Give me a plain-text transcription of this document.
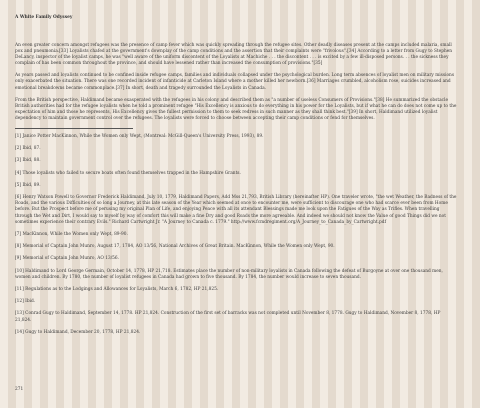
A White Family Odyssey

An even greater concern amongst refugees was the presence of camp fever which was quickly spreading through the refugee sites. Other deadly diseases present at the camps included malaria, small pox and pneumonia.[33] Loyalists chafed at the government's downplay of the camp conditions and the assertion that their complaints were "frivolous".[34] According to a letter from Gugy to Stephen DeLancy, inspector of the loyalist camps, he was "well aware of the uniform discontent of the Loyalists at Machiche . . . the discontent . . . is excited by a few ill-disposed persons. . . the sickness they complain of has been common throughout the province, and should have lessened rather than increased the consumption of provisions."[35]

As years passed and loyalists continued to be confined inside refugee camps, families and individuals collapsed under the psychological burden. Long term absences of loyalist men on military missions only exacerbated the situation. There was one recorded incident of infanticide at Carleton Island where a mother killed her newborn.[36] Marriages crumbled, alcoholism rose, suicides increased and emotional breakdowns became commonplace.[37] In short, death and tragedy surrounded the Loyalists in Canada.

From the British perspective, Haldimand became exasperated with the refugees in his colony and described them as "a number of useless Consumers of Provisions."[38] He summarized the obstacle British authorities had for the refugee loyalists when he told a prominent refugee "His Excellency is anxious to do everything in his power for the Loyalists, but if what he can do does not come up to the expectation of him and those he represents, His Excellency gives the fullest permission to them to seek redress in such manner as they shall think best."[39] In short, Haldimand utilized loyalist dependency to maintain government control over the refugees. The loyalists were forced to choose between accepting their camp conditions or fend for themselves.

[1] Janice Potter MacKinnon, While the Women only Wept, (Montreal: McGill-Queen's University Press, 1993), 89.

[2] Ibid, 87.

[3] Ibid, 88.

[4] Those loyalists who failed to secure boats often found themselves trapped in the Hampshire Grants.

[5] Ibid, 89.

[6] Henry Watson Powell to Governor Frederick Haldimand, July 10, 1779, Haldimand Papers, Add Mss 21,793, British Library (hereinafter HP). One traveler wrote, "the wet Weather, the Badness of the Roads, and the various Difficulties of so long a Journey, at this late season of the Year which seemed at once to encounter me, were sufficient to discourage one who had scarce ever been from Home before. But the Prospect before me of perusing my original Plan of Life, and enjoying Peace with all its attendant Blessings made me look upon the Fatigues of the Way as Trifles. When travelling through the Wet and Dirt, I would say to myself by way of comfort this will make a fine Dry and good Roads the more agreeable. And indeed we should not know the Value of good Things did we not sometimes experience their contrary Evils." Richard Cartwright Jr. "A Journey to Canada c. 1779." http://www.fcmdregiment.org/A_Journey_to_Canada_by_Cartwright.pdf

[7] MacKinnon, While the Women only Wept, 89-90.

[8] Memorial of Captain John Munro, August 17, 1784, AO 13/56, National Archives of Great Britain. MacKinnon, While the Women only Wept, 90.

[9] Memorial of Captain John Munro, AO 13/56.

[10] Haldimand to Lord George Germain, October 14, 1778, HP 21,718. Estimates place the number of non-military loyalists in Canada following the defeat of Burgoyne at over one thousand men, women and children. By 1780, the number of loyalist refugees in Canada had grown to five thousand. By 1784, the number would increase to seven thousand.

[11] Regulations as to the Lodgings and Allowances for Loyalists, March 6, 1782, HP 21,825.

[12] Ibid.

[13] Conrad Gugy to Haldimand, September 14, 1778. HP 21,824. Construction of the first set of barracks was not completed until November 8, 1778. Gugy to Haldimand, November 8, 1778, HP 21,824.

[14] Gugy to Haldimand, December 20, 1778, HP 21,824.

271
